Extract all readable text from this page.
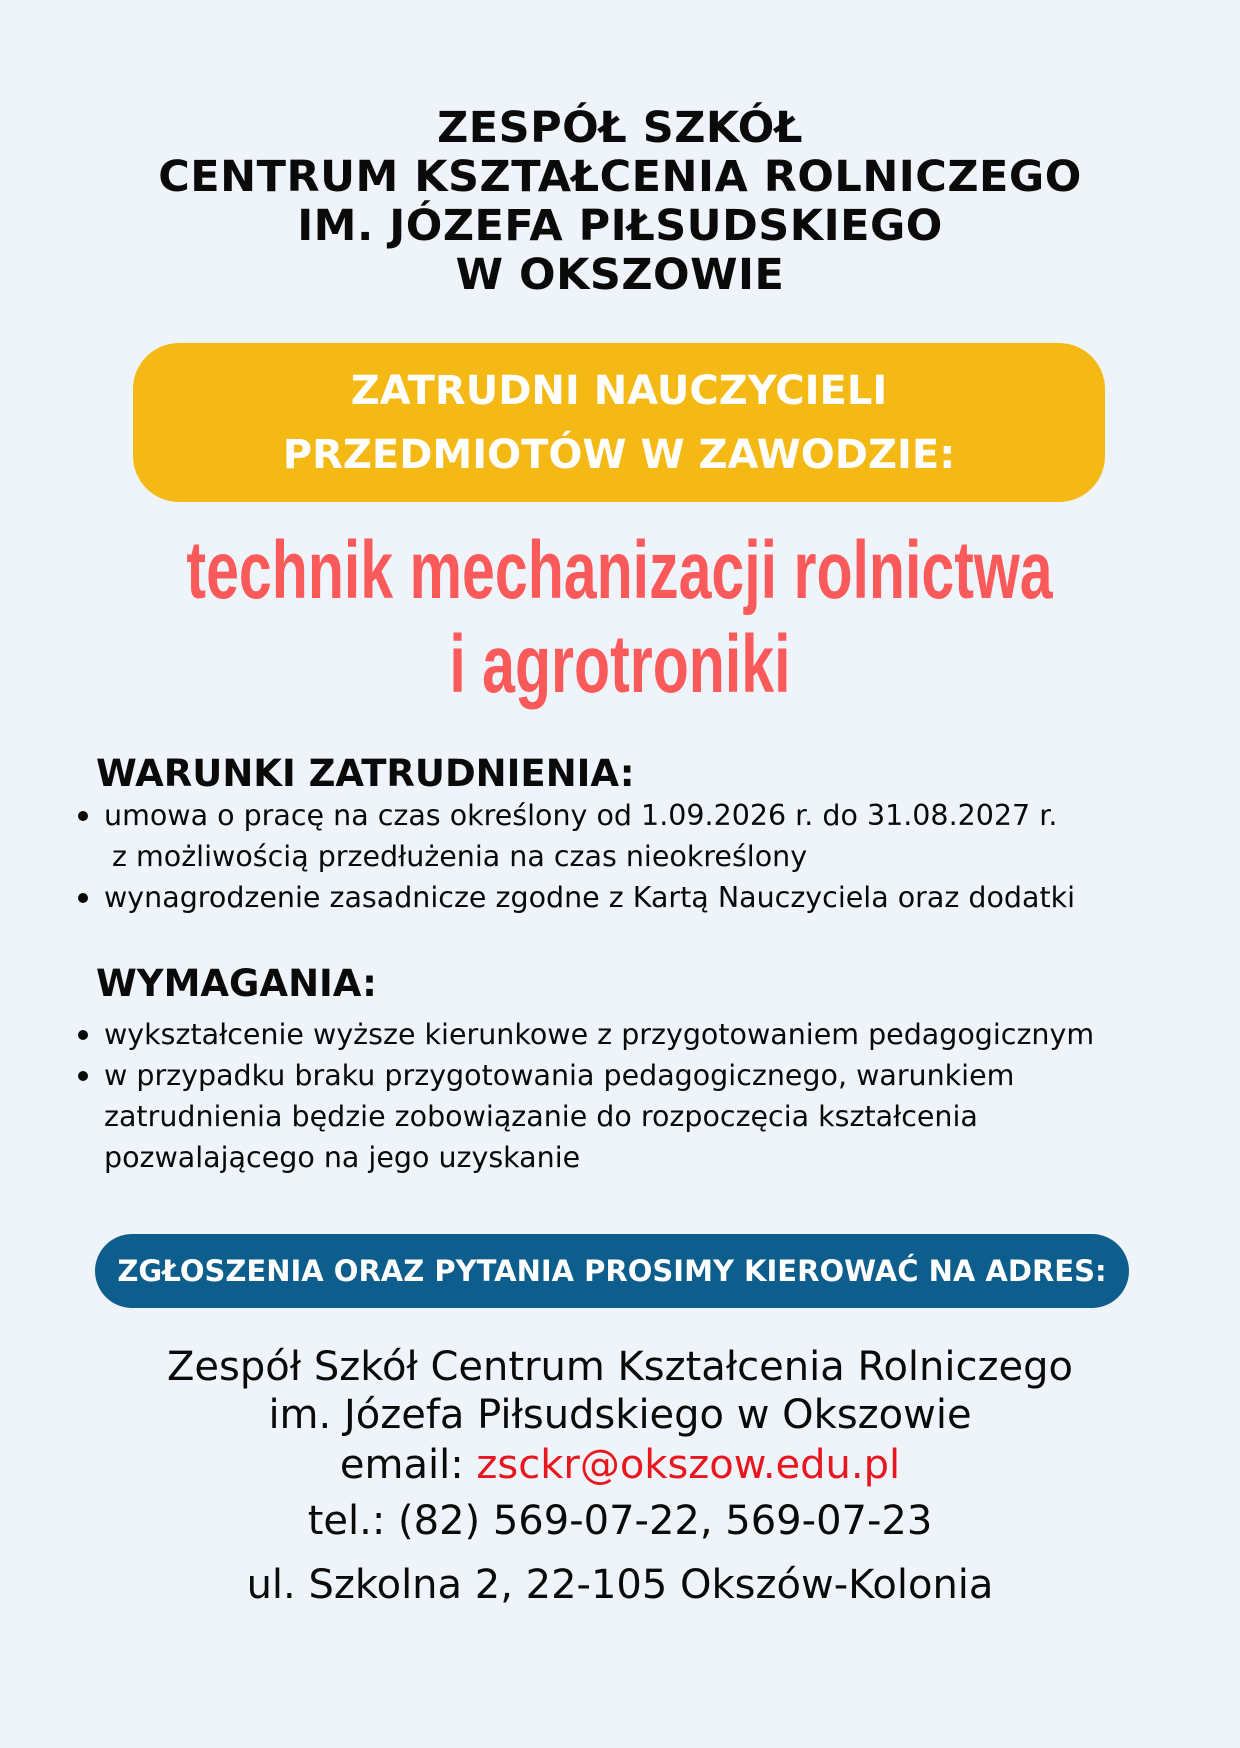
ZESPÓŁ SZKÓŁ
CENTRUM KSZTAŁCENIA ROLNICZEGO
IM. JÓZEFA PIŁSUDSKIEGO
W OKSZOWIE
ZATRUDNI NAUCZYCIELI
PRZEDMIOTÓW W ZAWODZIE:
technik mechanizacji rolnictwa
i agrotroniki
WARUNKI ZATRUDNIENIA:
umowa o pracę na czas określony od 1.09.2026 r. do 31.08.2027 r.
z możliwością przedłużenia na czas nieokreślony
wynagrodzenie zasadnicze zgodne z Kartą Nauczyciela oraz dodatki
WYMAGANIA:
wykształcenie wyższe kierunkowe z przygotowaniem pedagogicznym
w przypadku braku przygotowania pedagogicznego, warunkiem
zatrudnienia będzie zobowiązanie do rozpoczęcia kształcenia
pozwalającego na jego uzyskanie
ZGŁOSZENIA ORAZ PYTANIA PROSIMY KIEROWAĆ NA ADRES:
Zespół Szkół Centrum Kształcenia Rolniczego
im. Józefa Piłsudskiego w Okszowie
email: zsckr@okszow.edu.pl
tel.: (82) 569-07-22, 569-07-23
ul. Szkolna 2, 22-105 Okszów-Kolonia
